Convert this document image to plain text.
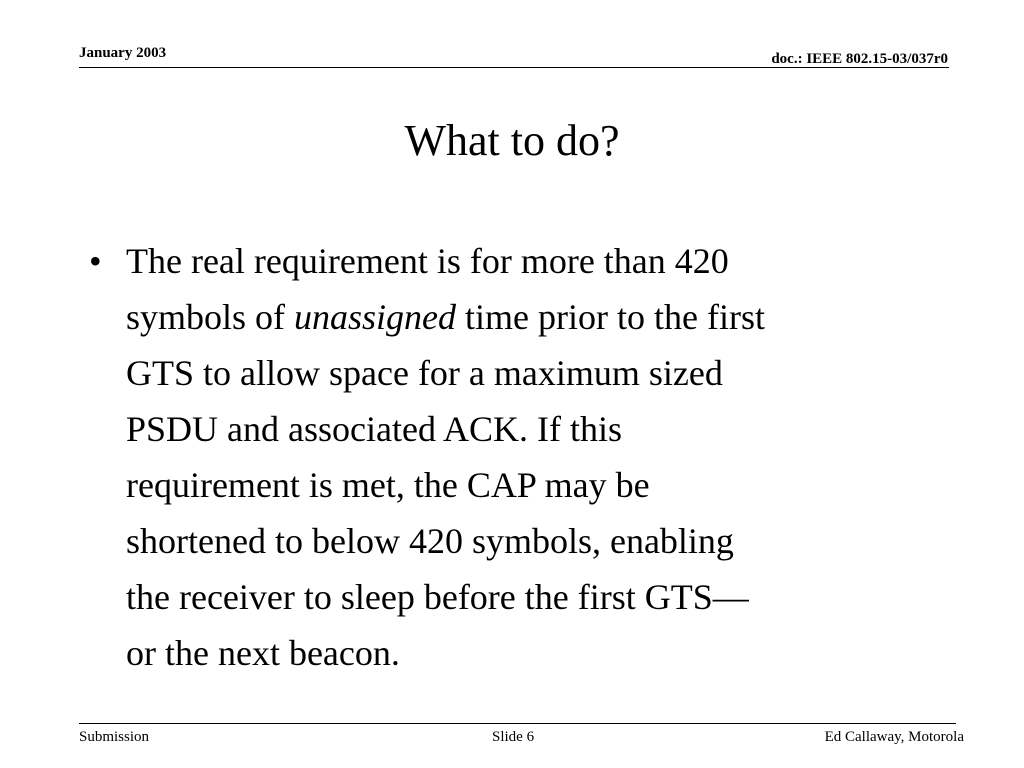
January 2003	doc.: IEEE 802.15-03/037r0
What to do?
• The real requirement is for more than 420
symbols of unassigned time prior to the first
GTS to allow space for a maximum sized
PSDU and associated ACK. If this
requirement is met, the CAP may be
shortened to below 420 symbols, enabling
the receiver to sleep before the first GTS—
or the next beacon.
Submission	Slide 6	Ed Callaway, Motorola
